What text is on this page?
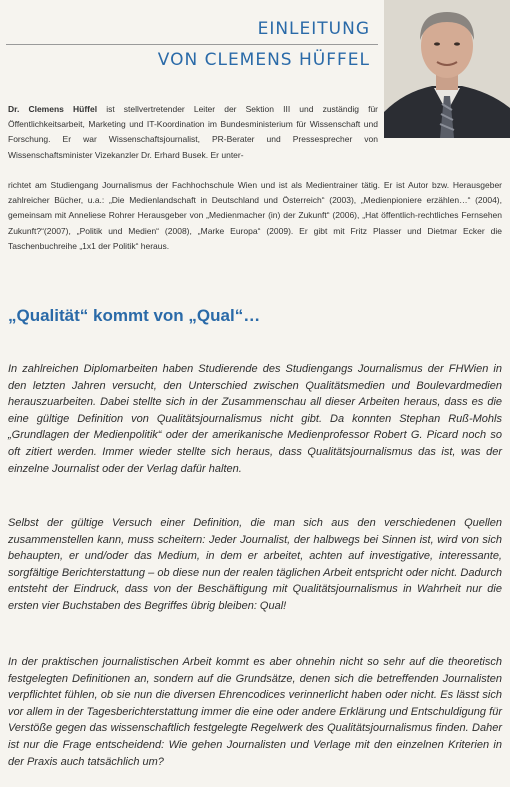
EINLEITUNG
VON CLEMENS HÜFFEL
Dr. Clemens Hüffel ist stellvertretender Leiter der Sektion III und zuständig für Öffentlichkeitsarbeit, Marketing und IT-Koordination im Bundesministerium für Wissenschaft und Forschung. Er war Wissenschaftsjournalist, PR-Berater und Pressesprecher von Wissenschaftsminister Vizekanzler Dr. Erhard Busek. Er unter-
richtet am Studiengang Journalismus der Fachhochschule Wien und ist als Medientrainer tätig. Er ist Autor bzw. Herausgeber zahlreicher Bücher, u.a.: „Die Medienlandschaft in Deutschland und Österreich“ (2003), „Medienpioniere erzählen…“ (2004), gemeinsam mit Anneliese Rohrer Herausgeber von „Medienmacher (in) der Zukunft“ (2006), „Hat öffentlich-rechtliches Fernsehen Zukunft?“(2007), „Politik und Medien“ (2008), „Marke Europa“ (2009). Er gibt mit Fritz Plasser und Dietmar Ecker die Taschenbuchreihe „1x1 der Politik“ heraus.
„Qualität“ kommt von „Qual“…

In zahlreichen Diplomarbeiten haben Studierende des Studiengangs Journalismus der FHWien in den letzten Jahren versucht, den Unterschied zwischen Qualitätsmedien und Boulevardmedien herauszuarbeiten. Dabei stellte sich in der Zusammenschau all dieser Arbeiten heraus, dass es die eine gültige Definition von Qualitätsjournalismus nicht gibt. Da konnten Stephan Ruß-Mohls „Grundlagen der Medienpolitik“ oder der amerikanische Medienprofessor Robert G. Picard noch so oft zitiert werden. Immer wieder stellte sich heraus, dass Qualitätsjournalismus das ist, was der einzelne Journalist oder der Verlag dafür halten.

Selbst der gültige Versuch einer Definition, die man sich aus den verschiedenen Quellen zusammenstellen kann, muss scheitern: Jeder Journalist, der halbwegs bei Sinnen ist, wird von sich behaupten, er und/oder das Medium, in dem er arbeitet, achten auf investigative, interessante, sorgfältige Berichterstattung – ob diese nun der realen täglichen Arbeit entspricht oder nicht. Dadurch entsteht der Eindruck, dass von der Beschäftigung mit Qualitätsjournalismus in Wahrheit nur die ersten vier Buchstaben des Begriffes übrig bleiben: Qual!

In der praktischen journalistischen Arbeit kommt es aber ohnehin nicht so sehr auf die theoretisch festgelegten Definitionen an, sondern auf die Grundsätze, denen sich die betreffenden Journalisten verpflichtet fühlen, ob sie nun die diversen Ehrencodices verinnerlicht haben oder nicht. Es lässt sich vor allem in der Tagesberichterstattung immer die eine oder andere Erklärung und Entschuldigung für Verstöße gegen das wissenschaftlich festgelegte Regelwerk des Qualitätsjournalismus finden. Daher ist nur die Frage entscheidend: Wie gehen Journalisten und Verlage mit den einzelnen Kriterien in der Praxis auch tatsächlich um?
